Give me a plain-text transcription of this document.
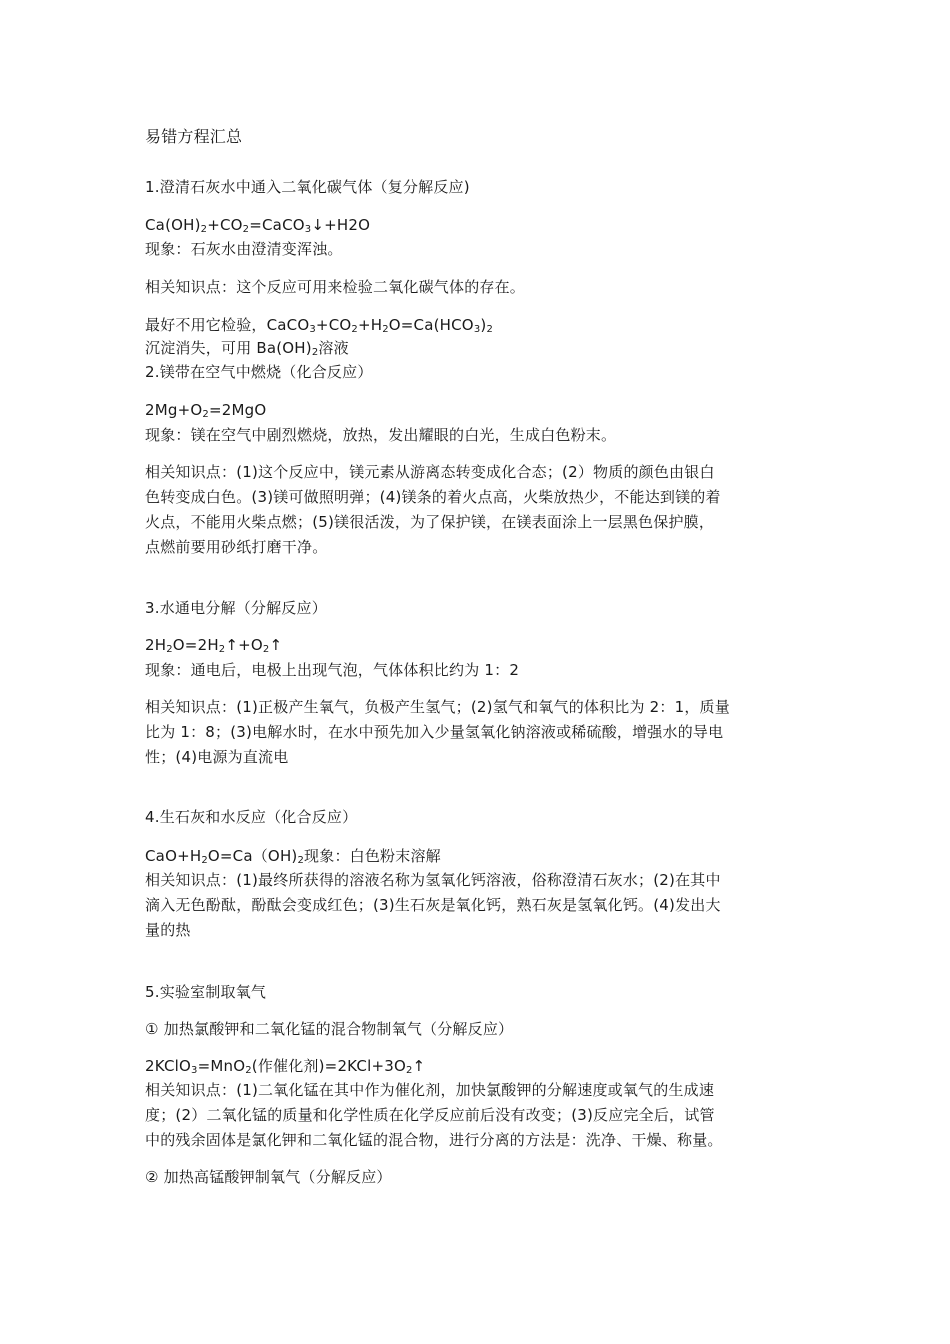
易错方程汇总
1.澄清石灰水中通入二氧化碳气体（复分解反应)
$Ca(OH)_2+CO_2=CaCO_3↓+H2O$
现象：石灰水由澄清变浑浊。
相关知识点：这个反应可用来检验二氧化碳气体的存在。
最好不用它检验，$CaCO_3+CO_2+H_2O=Ca(HCO_3)_2$
沉淀消失，可用 $Ba(OH)_2$溶液
2.镁带在空气中燃烧（化合反应）
$2Mg+O_2=2MgO$
现象：镁在空气中剧烈燃烧，放热，发出耀眼的白光，生成白色粉末。
相关知识点：(1)这个反应中，镁元素从游离态转变成化合态；(2）物质的颜色由银白
色转变成白色。(3)镁可做照明弹；(4)镁条的着火点高，火柴放热少，不能达到镁的着
火点，不能用火柴点燃；(5)镁很活泼，为了保护镁，在镁表面涂上一层黑色保护膜，
点燃前要用砂纸打磨干净。
3.水通电分解（分解反应）
$2H_2O=2H_2↑+O_2↑$
现象：通电后，电极上出现气泡，气体体积比约为 1：2
相关知识点：(1)正极产生氧气，负极产生氢气；(2)氢气和氧气的体积比为 2：1，质量
比为 1：8；(3)电解水时，在水中预先加入少量氢氧化钠溶液或稀硫酸，增强水的导电
性；(4)电源为直流电
4.生石灰和水反应（化合反应）
$CaO+H_2O=Ca(OH)_2$现象：白色粉末溶解
相关知识点：(1)最终所获得的溶液名称为氢氧化钙溶液，俗称澄清石灰水；(2)在其中
滴入无色酚酞，酚酞会变成红色；(3)生石灰是氧化钙，熟石灰是氢氧化钙。(4)发出大
量的热
5.实验室制取氧气
① 加热氯酸钾和二氧化锰的混合物制氧气（分解反应）
2KClO$_3$=MnO$_2$(作催化剂)$=2KCl+3O_2↑$
相关知识点：(1)二氧化锰在其中作为催化剂，加快氯酸钾的分解速度或氧气的生成速
度；(2）二氧化锰的质量和化学性质在化学反应前后没有改变；(3)反应完全后，试管
中的残余固体是氯化钾和二氧化锰的混合物，进行分离的方法是：洗净、干燥、称量。
② 加热高锰酸钾制氧气（分解反应）
